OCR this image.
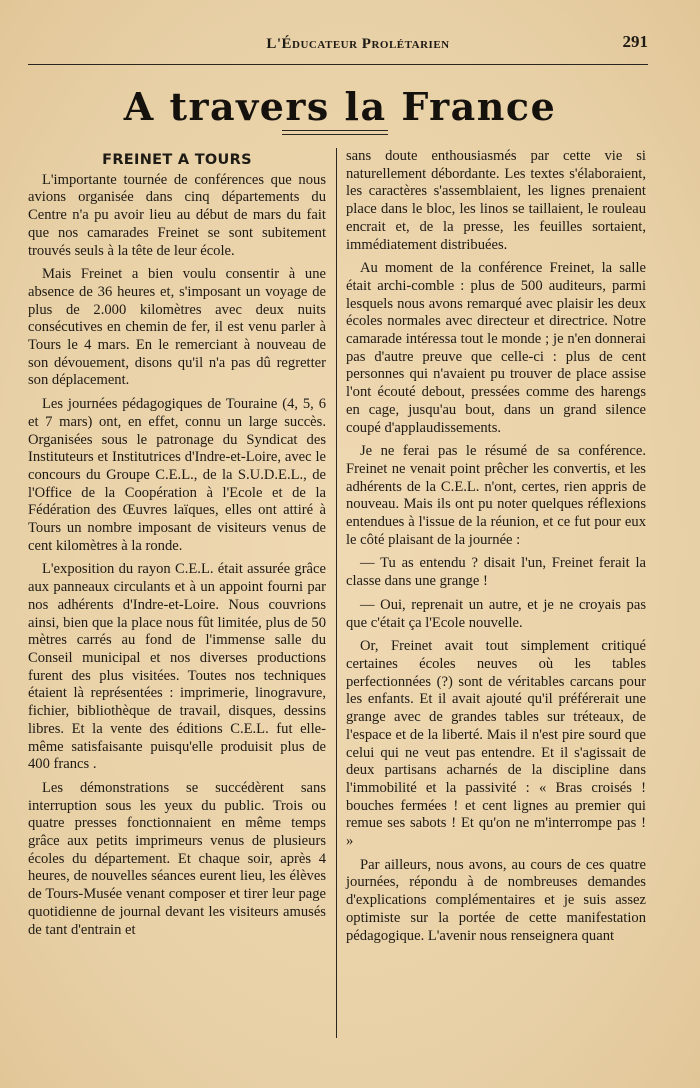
L'Éducateur Prolétarien	291
A travers la France
FREINET A TOURS

L'importante tournée de conférences que nous avions organisée dans cinq départements du Centre n'a pu avoir lieu au début de mars du fait que nos camarades Freinet se sont subitement trouvés seuls à la tête de leur école.

Mais Freinet a bien voulu consentir à une absence de 36 heures et, s'imposant un voyage de plus de 2.000 kilomètres avec deux nuits consécutives en chemin de fer, il est venu parler à Tours le 4 mars. En le remerciant à nouveau de son dévouement, disons qu'il n'a pas dû regretter son déplacement.

Les journées pédagogiques de Touraine (4, 5, 6 et 7 mars) ont, en effet, connu un large succès. Organisées sous le patronage du Syndicat des Instituteurs et Institutrices d'Indre-et-Loire, avec le concours du Groupe C.E.L., de la S.U.D.E.L., de l'Office de la Coopération à l'Ecole et de la Fédération des Œuvres laïques, elles ont attiré à Tours un nombre imposant de visiteurs venus de cent kilomètres à la ronde.

L'exposition du rayon C.E.L. était assurée grâce aux panneaux circulants et à un appoint fourni par nos adhérents d'Indre-et-Loire. Nous couvrions ainsi, bien que la place nous fût limitée, plus de 50 mètres carrés au fond de l'immense salle du Conseil municipal et nos diverses productions furent des plus visitées. Toutes nos techniques étaient là représentées : imprimerie, linogravure, fichier, bibliothèque de travail, disques, dessins libres. Et la vente des éditions C.E.L. fut elle-même satisfaisante puisqu'elle produisit plus de 400 francs .

Les démonstrations se succédèrent sans interruption sous les yeux du public. Trois ou quatre presses fonctionnaient en même temps grâce aux petits imprimeurs venus de plusieurs écoles du département. Et chaque soir, après 4 heures, de nouvelles séances eurent lieu, les élèves de Tours-Musée venant composer et tirer leur page quotidienne de journal devant les visiteurs amusés de tant d'entrain et

sans doute enthousiasmés par cette vie si naturellement débordante. Les textes s'élaboraient, les caractères s'assemblaient, les lignes prenaient place dans le bloc, les linos se taillaient, le rouleau encrait et, de la presse, les feuilles sortaient, immédiatement distribuées.

Au moment de la conférence Freinet, la salle était archi-comble : plus de 500 auditeurs, parmi lesquels nous avons remarqué avec plaisir les deux écoles normales avec directeur et directrice. Notre camarade intéressa tout le monde ; je n'en donnerai pas d'autre preuve que celle-ci : plus de cent personnes qui n'avaient pu trouver de place assise l'ont écouté debout, pressées comme des harengs en cage, jusqu'au bout, dans un grand silence coupé d'applaudissements.

Je ne ferai pas le résumé de sa conférence. Freinet ne venait point prêcher les convertis, et les adhérents de la C.E.L. n'ont, certes, rien appris de nouveau. Mais ils ont pu noter quelques réflexions entendues à l'issue de la réunion, et ce fut pour eux le côté plaisant de la journée :

— Tu as entendu ? disait l'un, Freinet ferait la classe dans une grange !

— Oui, reprenait un autre, et je ne croyais pas que c'était ça l'Ecole nouvelle.

Or, Freinet avait tout simplement critiqué certaines écoles neuves où les tables perfectionnées (?) sont de véritables carcans pour les enfants. Et il avait ajouté qu'il préférerait une grange avec de grandes tables sur tréteaux, de l'espace et de la liberté. Mais il n'est pire sourd que celui qui ne veut pas entendre. Et il s'agissait de deux partisans acharnés de la discipline dans l'immobilité et la passivité : « Bras croisés ! bouches fermées ! et cent lignes au premier qui remue ses sabots ! Et qu'on ne m'interrompe pas ! »

Par ailleurs, nous avons, au cours de ces quatre journées, répondu à de nombreuses demandes d'explications complémentaires et je suis assez optimiste sur la portée de cette manifestation pédagogique. L'avenir nous renseignera quant
